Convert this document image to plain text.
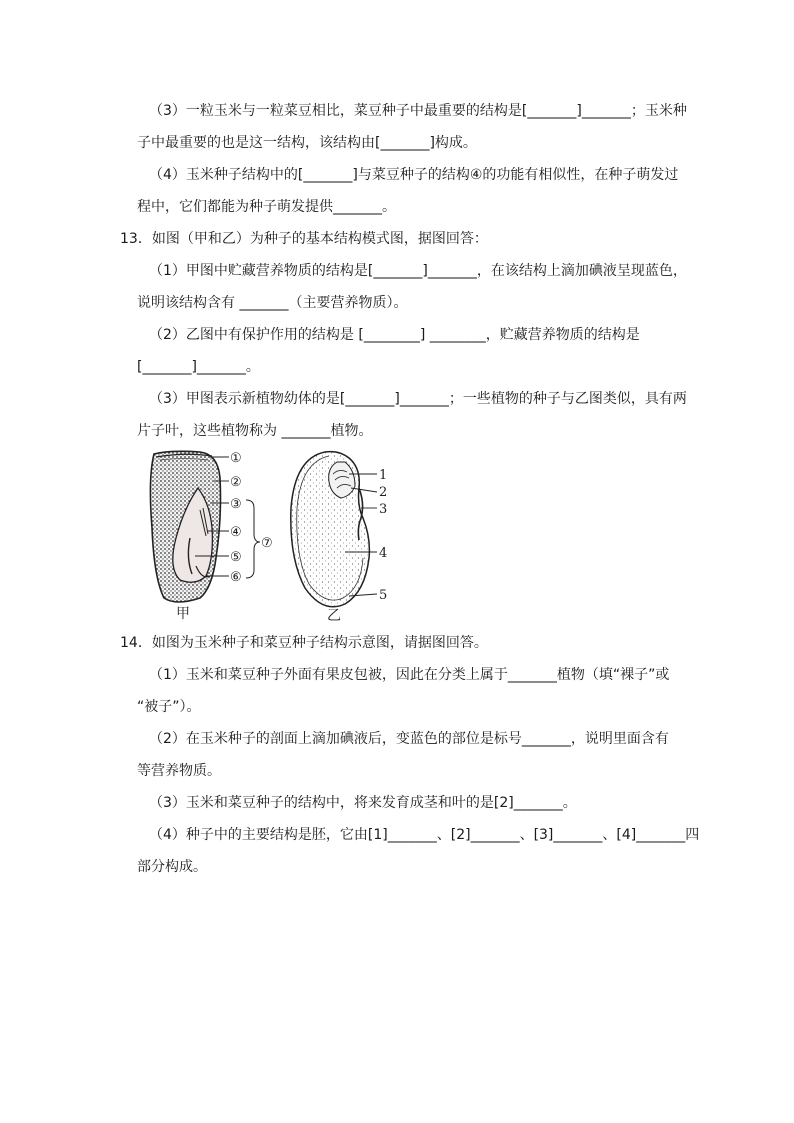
（3）一粒玉米与一粒菜豆相比，菜豆种子中最重要的结构是[_______]_______；玉米种
子中最重要的也是这一结构，该结构由[_______]构成。
（4）玉米种子结构中的[_______]与菜豆种子的结构④的功能有相似性，在种子萌发过
程中，它们都能为种子萌发提供_______。
13．如图（甲和乙）为种子的基本结构模式图，据图回答：
（1）甲图中贮藏营养物质的结构是[_______]_______，在该结构上滴加碘液呈现蓝色，
说明该结构含有 _______（主要营养物质）。
（2）乙图中有保护作用的结构是 [________] ________，贮藏营养物质的结构是
[_______]_______。
（3）甲图表示新植物幼体的是[_______]_______；一些植物的种子与乙图类似，具有两
片子叶，这些植物称为 _______植物。
①
②
③
④
⑤
⑥
⑦
甲
1
2
3
4
5
乙
14．如图为玉米种子和菜豆种子结构示意图，请据图回答。
（1）玉米和菜豆种子外面有果皮包被，因此在分类上属于_______植物（填“裸子”或
“被子”）。
（2）在玉米种子的剖面上滴加碘液后，变蓝色的部位是标号_______，说明里面含有
等营养物质。
（3）玉米和菜豆种子的结构中，将来发育成茎和叶的是[2]_______。
（4）种子中的主要结构是胚，它由[1]_______、[2]_______、[3]_______、[4]_______四
部分构成。
